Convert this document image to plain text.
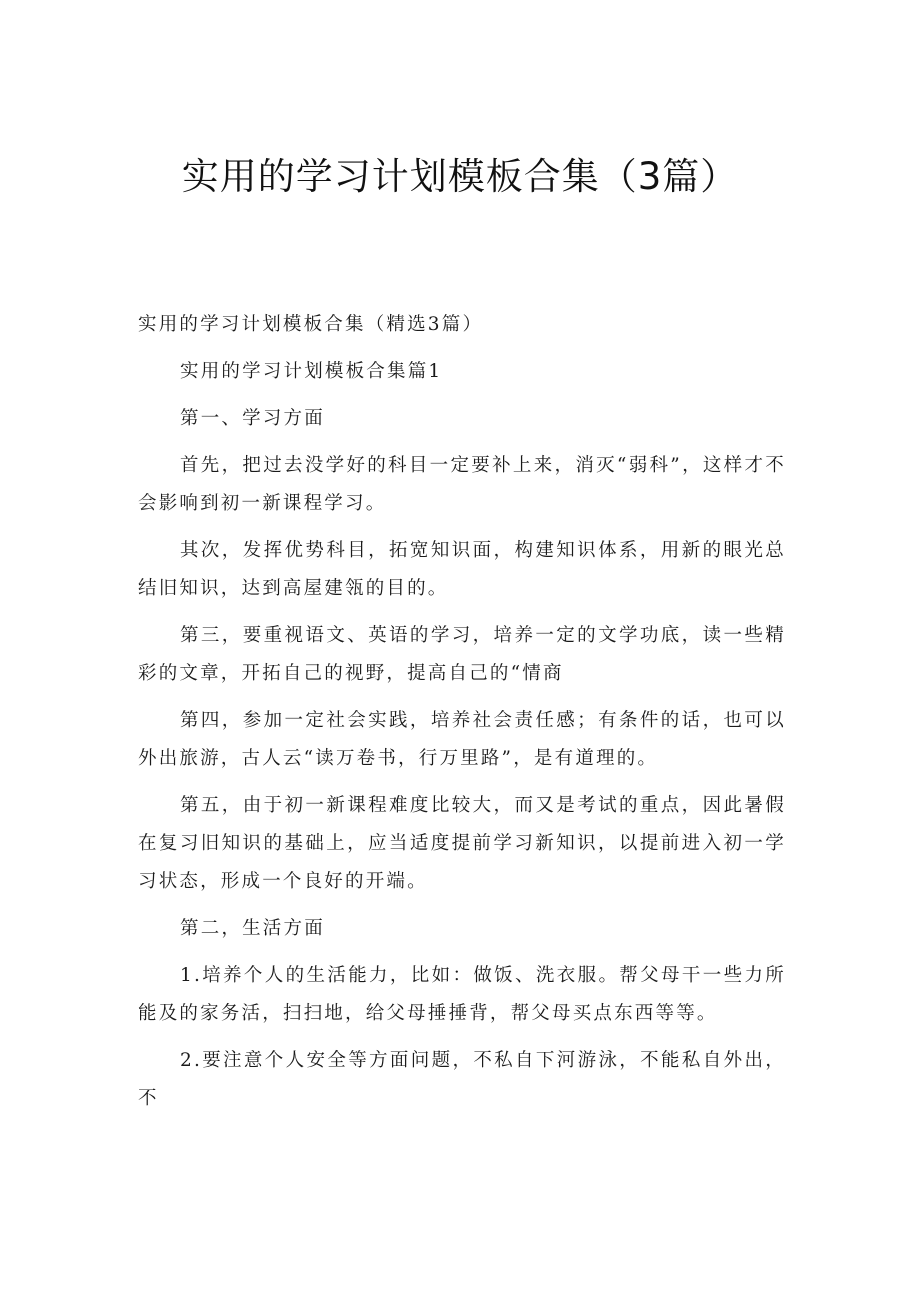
实用的学习计划模板合集（3篇）

实用的学习计划模板合集（精选3篇）

实用的学习计划模板合集篇1

第一、学习方面

首先，把过去没学好的科目一定要补上来，消灭“弱科”，这样才不会影响到初一新课程学习。

其次，发挥优势科目，拓宽知识面，构建知识体系，用新的眼光总结旧知识，达到高屋建瓴的目的。

第三，要重视语文、英语的学习，培养一定的文学功底，读一些精彩的文章，开拓自己的视野，提高自己的“情商

第四，参加一定社会实践，培养社会责任感；有条件的话，也可以外出旅游，古人云“读万卷书，行万里路”，是有道理的。

第五，由于初一新课程难度比较大，而又是考试的重点，因此暑假在复习旧知识的基础上，应当适度提前学习新知识，以提前进入初一学习状态，形成一个良好的开端。

第二，生活方面

1.培养个人的生活能力，比如：做饭、洗衣服。帮父母干一些力所能及的家务活，扫扫地，给父母捶捶背，帮父母买点东西等等。

2.要注意个人安全等方面问题，不私自下河游泳，不能私自外出，不
